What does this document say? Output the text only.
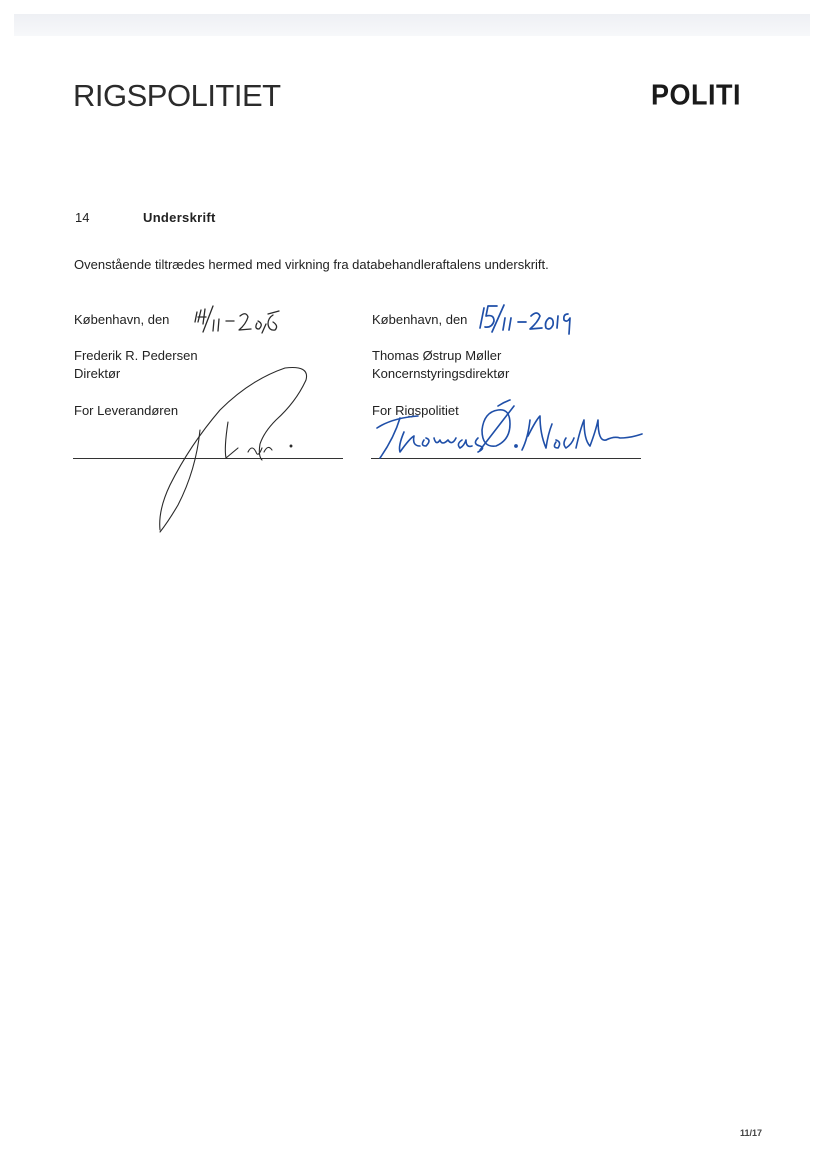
RIGSPOLITIET	POLITI
14	Underskrift
Ovenstående tiltrædes hermed med virkning fra databehandleraftalens underskrift.
København, den
Frederik R. Pedersen
Direktør
For Leverandøren
København, den
Thomas Østrup Møller
Koncernstyringsdirektør
For Rigspolitiet
11/17
